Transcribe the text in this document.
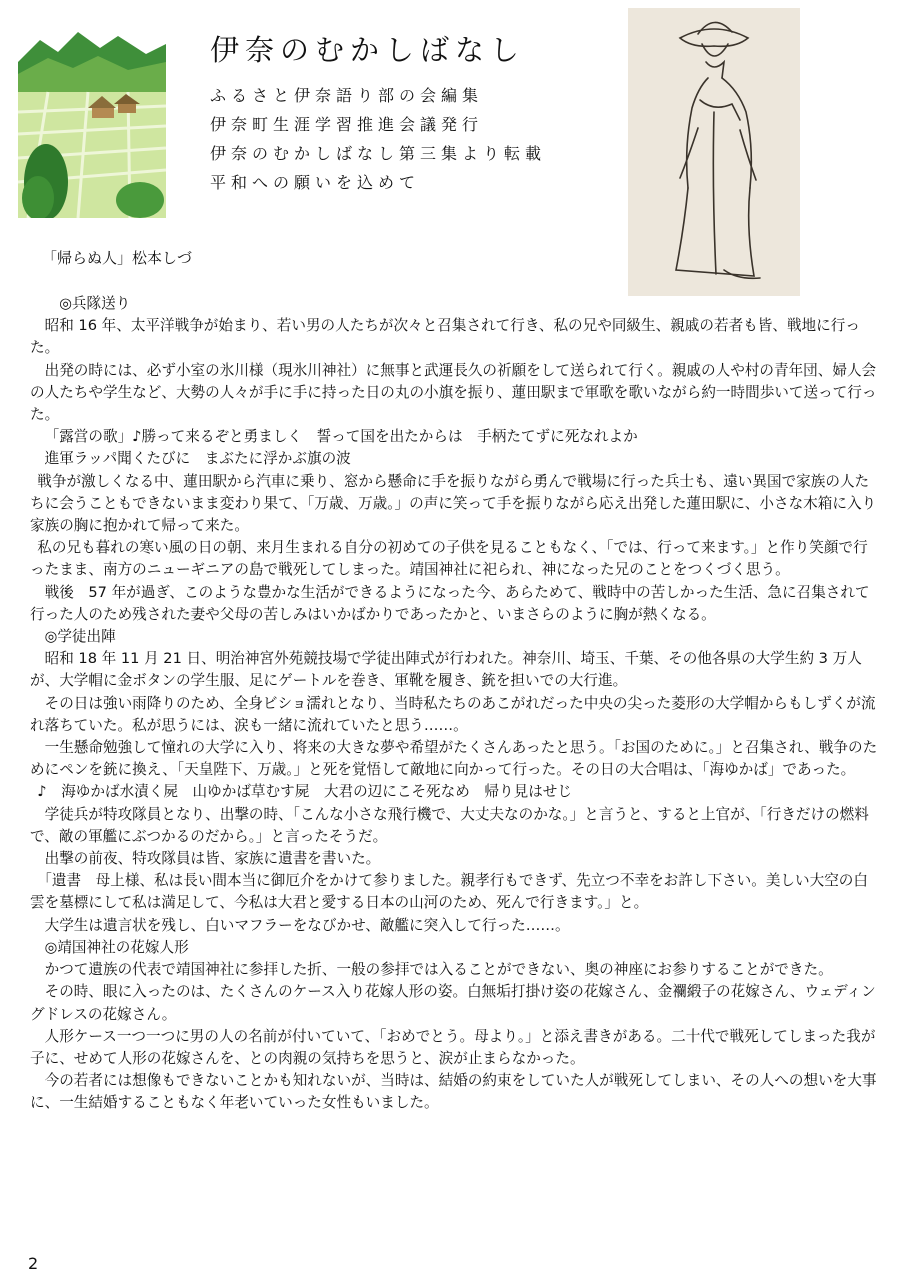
伊奈のむかしばなし

ふるさと伊奈語り部の会編集

伊奈町生涯学習推進会議発行

伊奈のむかしばなし第三集より転載

平和への願いを込めて

「帰らぬ人」松本しづ

◎兵隊送り

昭和 16 年、太平洋戦争が始まり、若い男の人たちが次々と召集されて行き、私の兄や同級生、親戚の若者も皆、戦地に行った。

出発の時には、必ず小室の氷川様（現氷川神社）に無事と武運長久の祈願をして送られて行く。親戚の人や村の青年団、婦人会の人たちや学生など、大勢の人々が手に手に持った日の丸の小旗を振り、蓮田駅まで軍歌を歌いながら約一時間歩いて送って行った。

「露営の歌」♪勝って来るぞと勇ましく　誓って国を出たからは　手柄たてずに死なれよか

進軍ラッパ聞くたびに　まぶたに浮かぶ旗の波

戦争が激しくなる中、蓮田駅から汽車に乗り、窓から懸命に手を振りながら勇んで戦場に行った兵士も、遠い異国で家族の人たちに会うこともできないまま変わり果て、「万歳、万歳。」の声に笑って手を振りながら応え出発した蓮田駅に、小さな木箱に入り家族の胸に抱かれて帰って来た。

私の兄も暮れの寒い風の日の朝、来月生まれる自分の初めての子供を見ることもなく、「では、行って来ます。」と作り笑顔で行ったまま、南方のニューギニアの島で戦死してしまった。靖国神社に祀られ、神になった兄のことをつくづく思う。

戦後　57 年が過ぎ、このような豊かな生活ができるようになった今、あらためて、戦時中の苦しかった生活、急に召集されて行った人のため残された妻や父母の苦しみはいかばかりであったかと、いまさらのように胸が熱くなる。

◎学徒出陣

昭和 18 年 11 月 21 日、明治神宮外苑競技場で学徒出陣式が行われた。神奈川、埼玉、千葉、その他各県の大学生約 3 万人が、大学帽に金ボタンの学生服、足にゲートルを巻き、軍靴を履き、銃を担いでの大行進。

その日は強い雨降りのため、全身ビショ濡れとなり、当時私たちのあこがれだった中央の尖った菱形の大学帽からもしずくが流れ落ちていた。私が思うには、涙も一緒に流れていたと思う……。

一生懸命勉強して憧れの大学に入り、将来の大きな夢や希望がたくさんあったと思う。「お国のために。」と召集され、戦争のためにペンを銃に換え、「天皇陛下、万歳。」と死を覚悟して敵地に向かって行った。その日の大合唱は、「海ゆかば」であった。

♪　海ゆかば水漬く屍　山ゆかば草むす屍　大君の辺にこそ死なめ　帰り見はせじ

学徒兵が特攻隊員となり、出撃の時、「こんな小さな飛行機で、大丈夫なのかな。」と言うと、すると上官が、「行きだけの燃料で、敵の軍艦にぶつかるのだから。」と言ったそうだ。

出撃の前夜、特攻隊員は皆、家族に遺書を書いた。

「遺書　母上様、私は長い間本当に御厄介をかけて参りました。親孝行もできず、先立つ不幸をお許し下さい。美しい大空の白雲を墓標にして私は満足して、今私は大君と愛する日本の山河のため、死んで行きます。」と。

大学生は遺言状を残し、白いマフラーをなびかせ、敵艦に突入して行った……。

◎靖国神社の花嫁人形

かつて遺族の代表で靖国神社に参拝した折、一般の参拝では入ることができない、奥の神座にお参りすることができた。

その時、眼に入ったのは、たくさんのケース入り花嫁人形の姿。白無垢打掛け姿の花嫁さん、金襴緞子の花嫁さん、ウェディングドレスの花嫁さん。

人形ケース一つ一つに男の人の名前が付いていて、「おめでとう。母より。」と添え書きがある。二十代で戦死してしまった我が子に、せめて人形の花嫁さんを、との肉親の気持ちを思うと、涙が止まらなかった。

今の若者には想像もできないことかも知れないが、当時は、結婚の約束をしていた人が戦死してしまい、その人への想いを大事に、一生結婚することもなく年老いていった女性もいました。

2
